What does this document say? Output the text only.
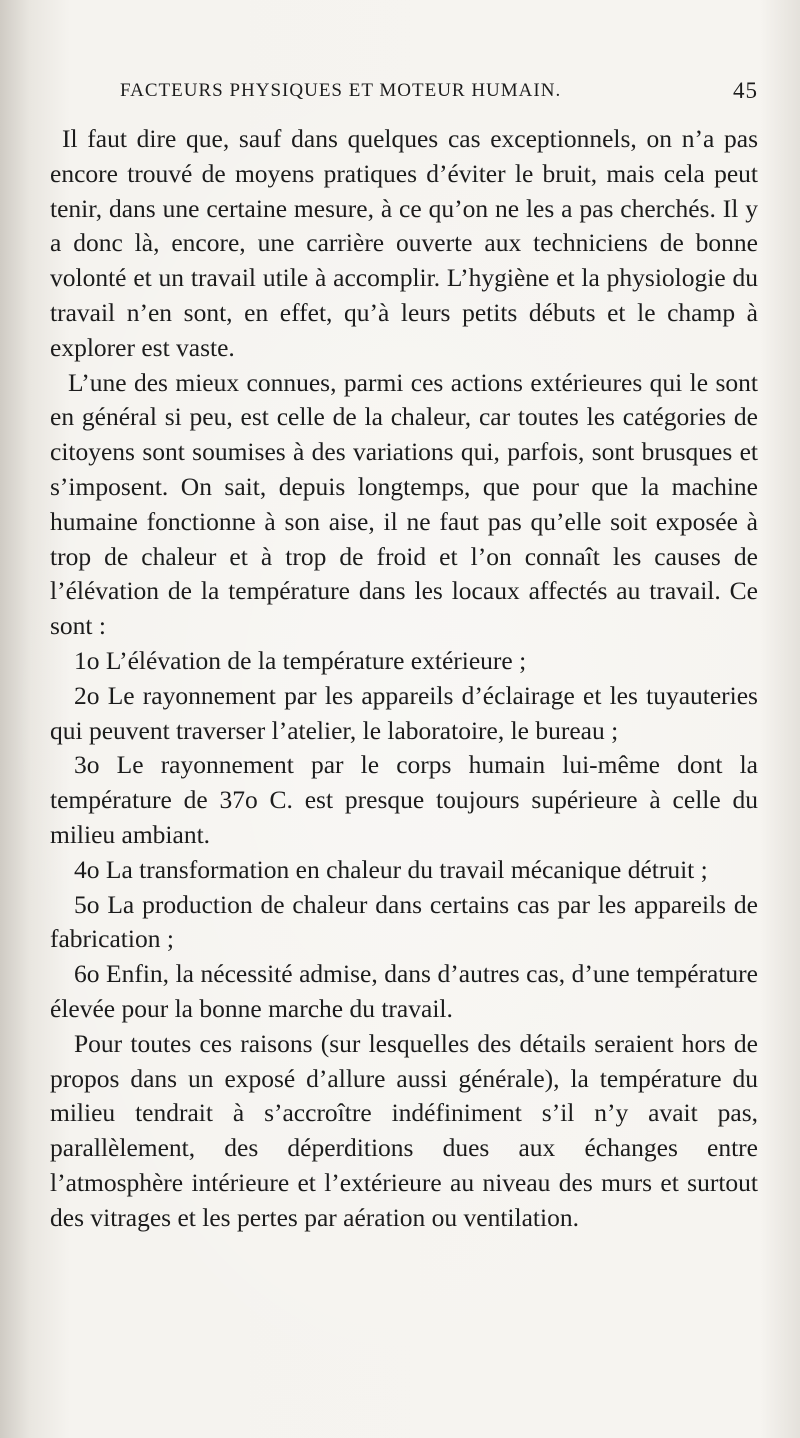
FACTEURS PHYSIQUES ET MOTEUR HUMAIN.	45

Il faut dire que, sauf dans quelques cas exceptionnels, on n’a pas encore trouvé de moyens pratiques d’éviter le bruit, mais cela peut tenir, dans une certaine mesure, à ce qu’on ne les a pas cherchés. Il y a donc là, encore, une carrière ouverte aux techniciens de bonne volonté et un travail utile à accomplir. L’hygiène et la physiologie du travail n’en sont, en effet, qu’à leurs petits débuts et le champ à explorer est vaste.

L’une des mieux connues, parmi ces actions extérieures qui le sont en général si peu, est celle de la chaleur, car toutes les catégories de citoyens sont soumises à des variations qui, parfois, sont brusques et s’imposent. On sait, depuis longtemps, que pour que la machine humaine fonctionne à son aise, il ne faut pas qu’elle soit exposée à trop de chaleur et à trop de froid et l’on connaît les causes de l’élévation de la température dans les locaux affectés au travail. Ce sont :

1o L’élévation de la température extérieure ;

2o Le rayonnement par les appareils d’éclairage et les tuyauteries qui peuvent traverser l’atelier, le laboratoire, le bureau ;

3o Le rayonnement par le corps humain lui-même dont la température de 37o C. est presque toujours supérieure à celle du milieu ambiant.

4o La transformation en chaleur du travail mécanique détruit ;

5o La production de chaleur dans certains cas par les appareils de fabrication ;

6o Enfin, la nécessité admise, dans d’autres cas, d’une température élevée pour la bonne marche du travail.

Pour toutes ces raisons (sur lesquelles des détails seraient hors de propos dans un exposé d’allure aussi générale), la température du milieu tendrait à s’accroître indéfiniment s’il n’y avait pas, parallèlement, des déperditions dues aux échanges entre l’atmosphère intérieure et l’extérieure au niveau des murs et surtout des vitrages et les pertes par aération ou ventilation.
